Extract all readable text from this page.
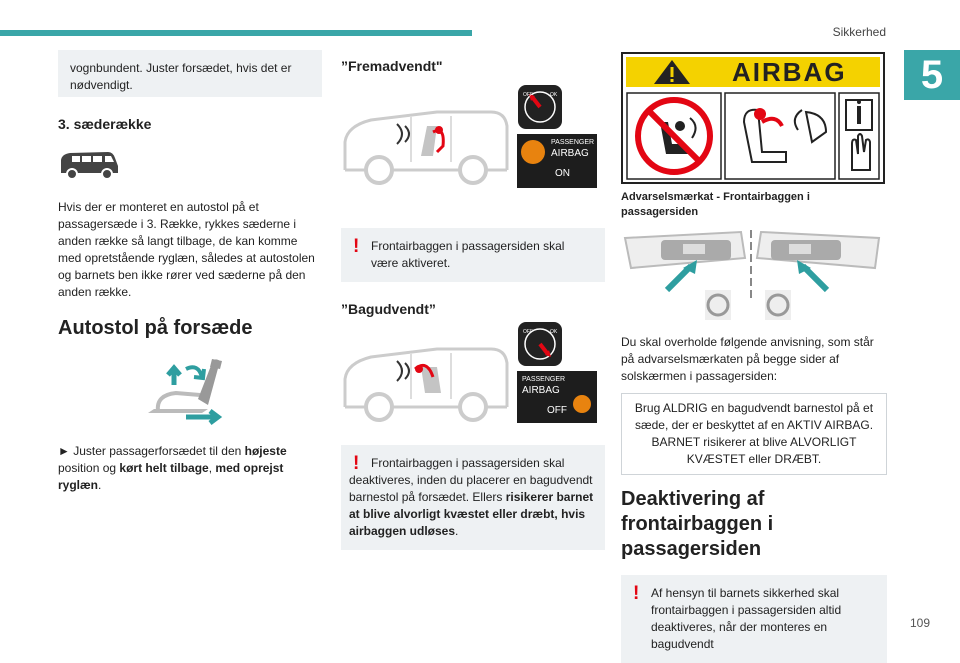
Sikkerhed
5
vognbundent. Juster forsædet, hvis det er nødvendigt.
3. sæderække
Hvis der er monteret en autostol på et passagersæde i 3. Række, rykkes sæderne i anden række så langt tilbage, de kan komme med opretstående ryglæn, således at autostolen og barnets ben ikke rører ved sæderne på den anden række.
Autostol på forsæde
► Juster passagerforsædet til den højeste position og kørt helt tilbage, med oprejst ryglæn.
”Fremadvendt"
OFF	OK
PASSENGER
AIRBAG
ON
! Frontairbaggen i passagersiden skal være aktiveret.
”Bagudvendt”
OFF	OK
PASSENGER
AIRBAG
OFF
! Frontairbaggen i passagersiden skal deaktiveres, inden du placerer en bagudvendt barnestol på forsædet. Ellers risikerer barnet at blive alvorligt kvæstet eller dræbt, hvis airbaggen udløses.
AIRBAG
Advarselsmærkat - Frontairbaggen i passagersiden
Du skal overholde følgende anvisning, som står på advarselsmærkaten på begge sider af solskærmen i passagersiden:
Brug ALDRIG en bagudvendt barnestol på et sæde, der er beskyttet af en AKTIV AIRBAG. BARNET risikerer at blive ALVORLIGT KVÆSTET eller DRÆBT.
Deaktivering af frontairbaggen i passagersiden
! Af hensyn til barnets sikkerhed skal frontairbaggen i passagersiden altid deaktiveres, når der monteres en bagudvendt
109
